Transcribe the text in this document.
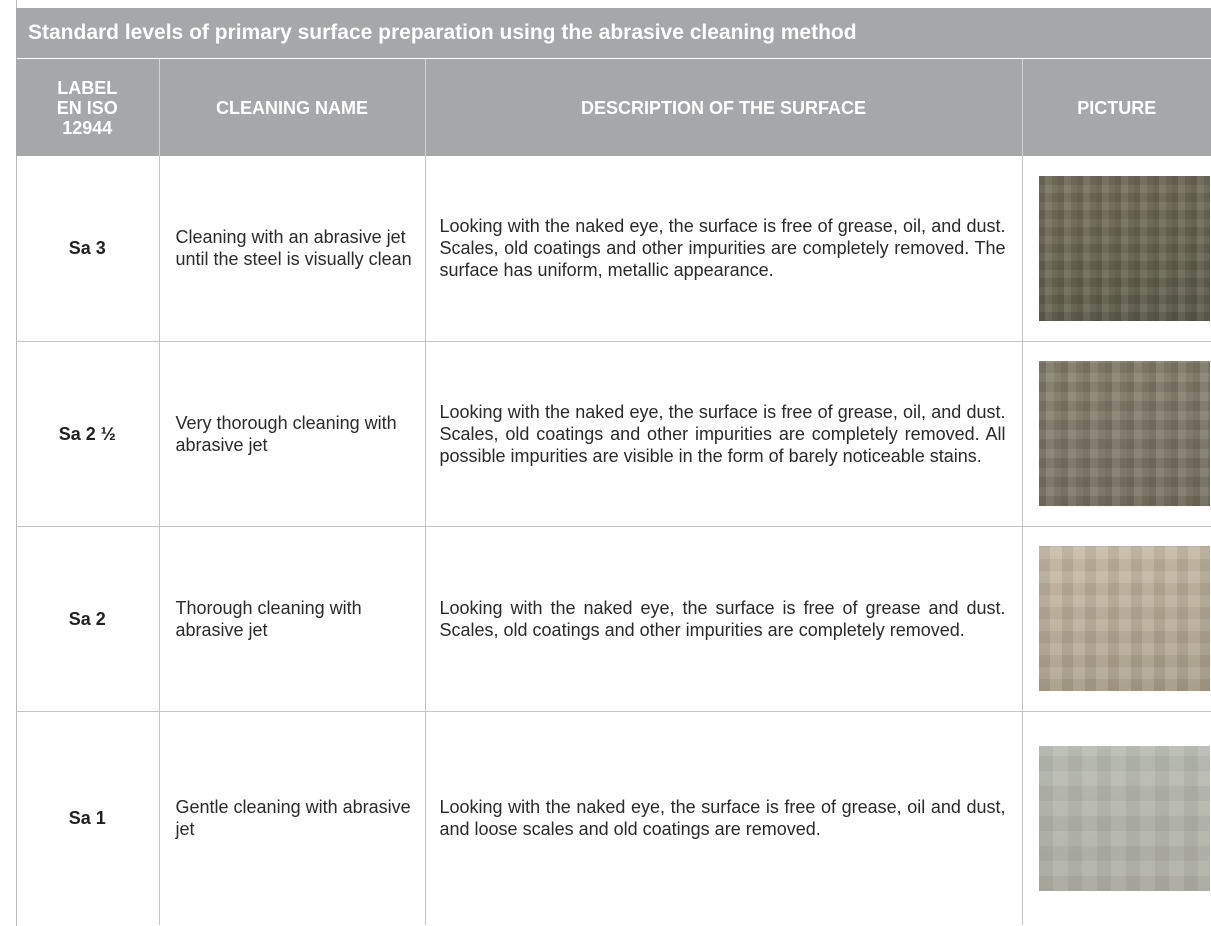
Standard levels of primary surface preparation using the abrasive cleaning method
LABEL
EN ISO
12944	CLEANING NAME	DESCRIPTION OF THE SURFACE	PICTURE
Sa 3	Cleaning with an abrasive jet until the steel is visually clean	Looking with the naked eye, the surface is free of grease, oil, and dust. Scales, old coatings and other impurities are completely removed. The surface has uniform, metallic appearance.	

Sa 2 ½	Very thorough cleaning with abrasive jet	Looking with the naked eye, the surface is free of grease, oil, and dust. Scales, old coatings and other impurities are completely removed. All possible impurities are visible in the form of barely noticeable stains.	

Sa 2	Thorough cleaning with abrasive jet	Looking with the naked eye, the surface is free of grease and dust. Scales, old coatings and other impurities are completely removed.	

Sa 1	Gentle cleaning with abrasive jet	Looking with the naked eye, the surface is free of grease, oil and dust, and loose scales and old coatings are removed.	
